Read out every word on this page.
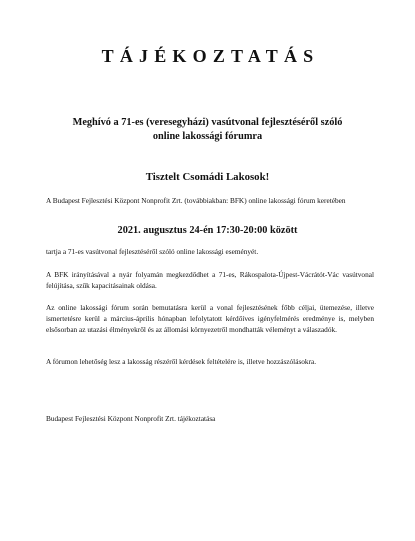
TÁJÉKOZTATÁS
Meghívó a 71-es (veresegyházi) vasútvonal fejlesztéséről szóló
online lakossági fórumra
Tisztelt Csomádi Lakosok!

A Budapest Fejlesztési Központ Nonprofit Zrt. (továbbiakban: BFK) online lakossági fórum keretében

2021. augusztus 24-én 17:30-20:00 között

tartja a 71-es vasútvonal fejlesztéséről szóló online lakossági eseményét.

A BFK irányításával a nyár folyamán megkezdődhet a 71-es, Rákospalota-Újpest-Vácrátót-Vác vasútvonal felújítása, szűk kapacitásainak oldása.

Az online lakossági fórum során bemutatásra kerül a vonal fejlesztésének főbb céljai, ütemezése, illetve ismertetésre kerül a március-április hónapban lefolytatott kérdőíves igényfelmérés eredménye is, melyben elsősorban az utazási élményekről és az állomási környezetről mondhatták véleményt a válaszadók.

A fórumon lehetőség lesz a lakosság részéről kérdések feltételére is, illetve hozzászólásokra.

Budapest Fejlesztési Központ Nonprofit Zrt. tájékoztatása
